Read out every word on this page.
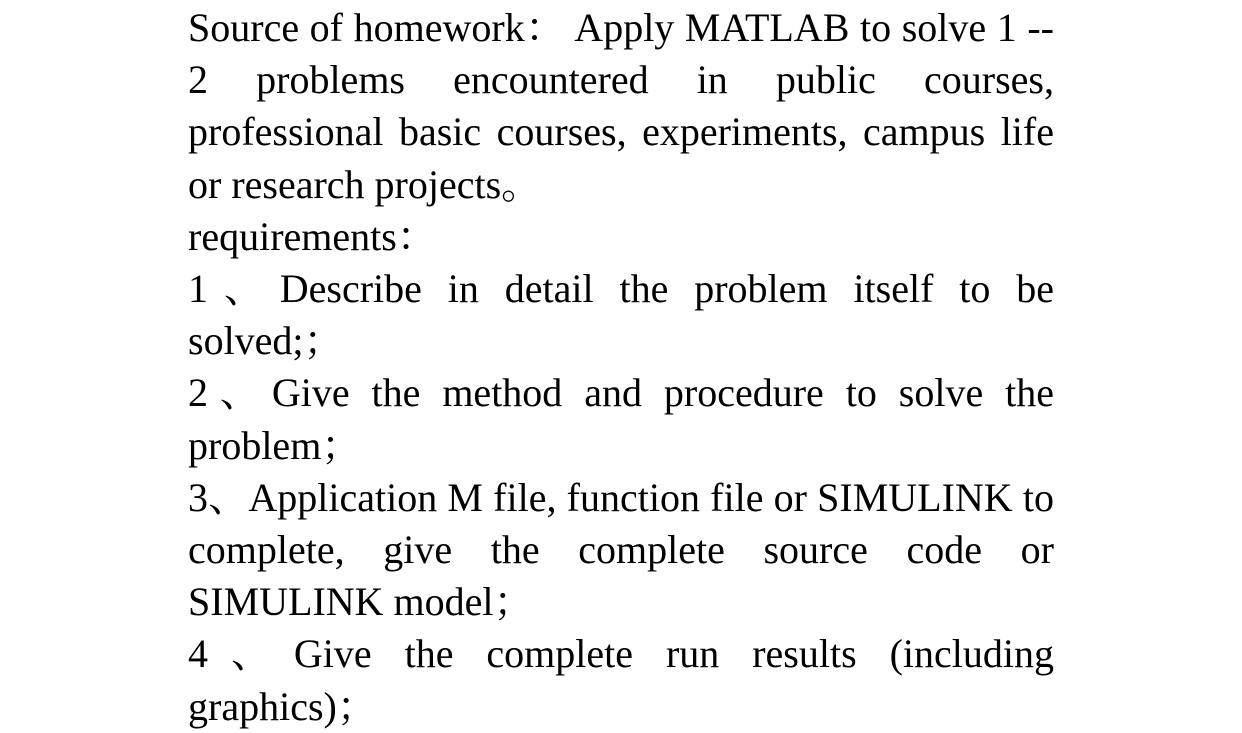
Source of homework： Apply MATLAB to solve 1 -- 2 problems encountered in public courses, professional basic courses, experiments, campus life or research projects。

requirements：

1、Describe in detail the problem itself to be solved;；

2、Give the method and procedure to solve the problem；

3、Application M file, function file or SIMULINK to complete, give the complete source code or SIMULINK model；

4、Give the complete run results (including graphics)；
